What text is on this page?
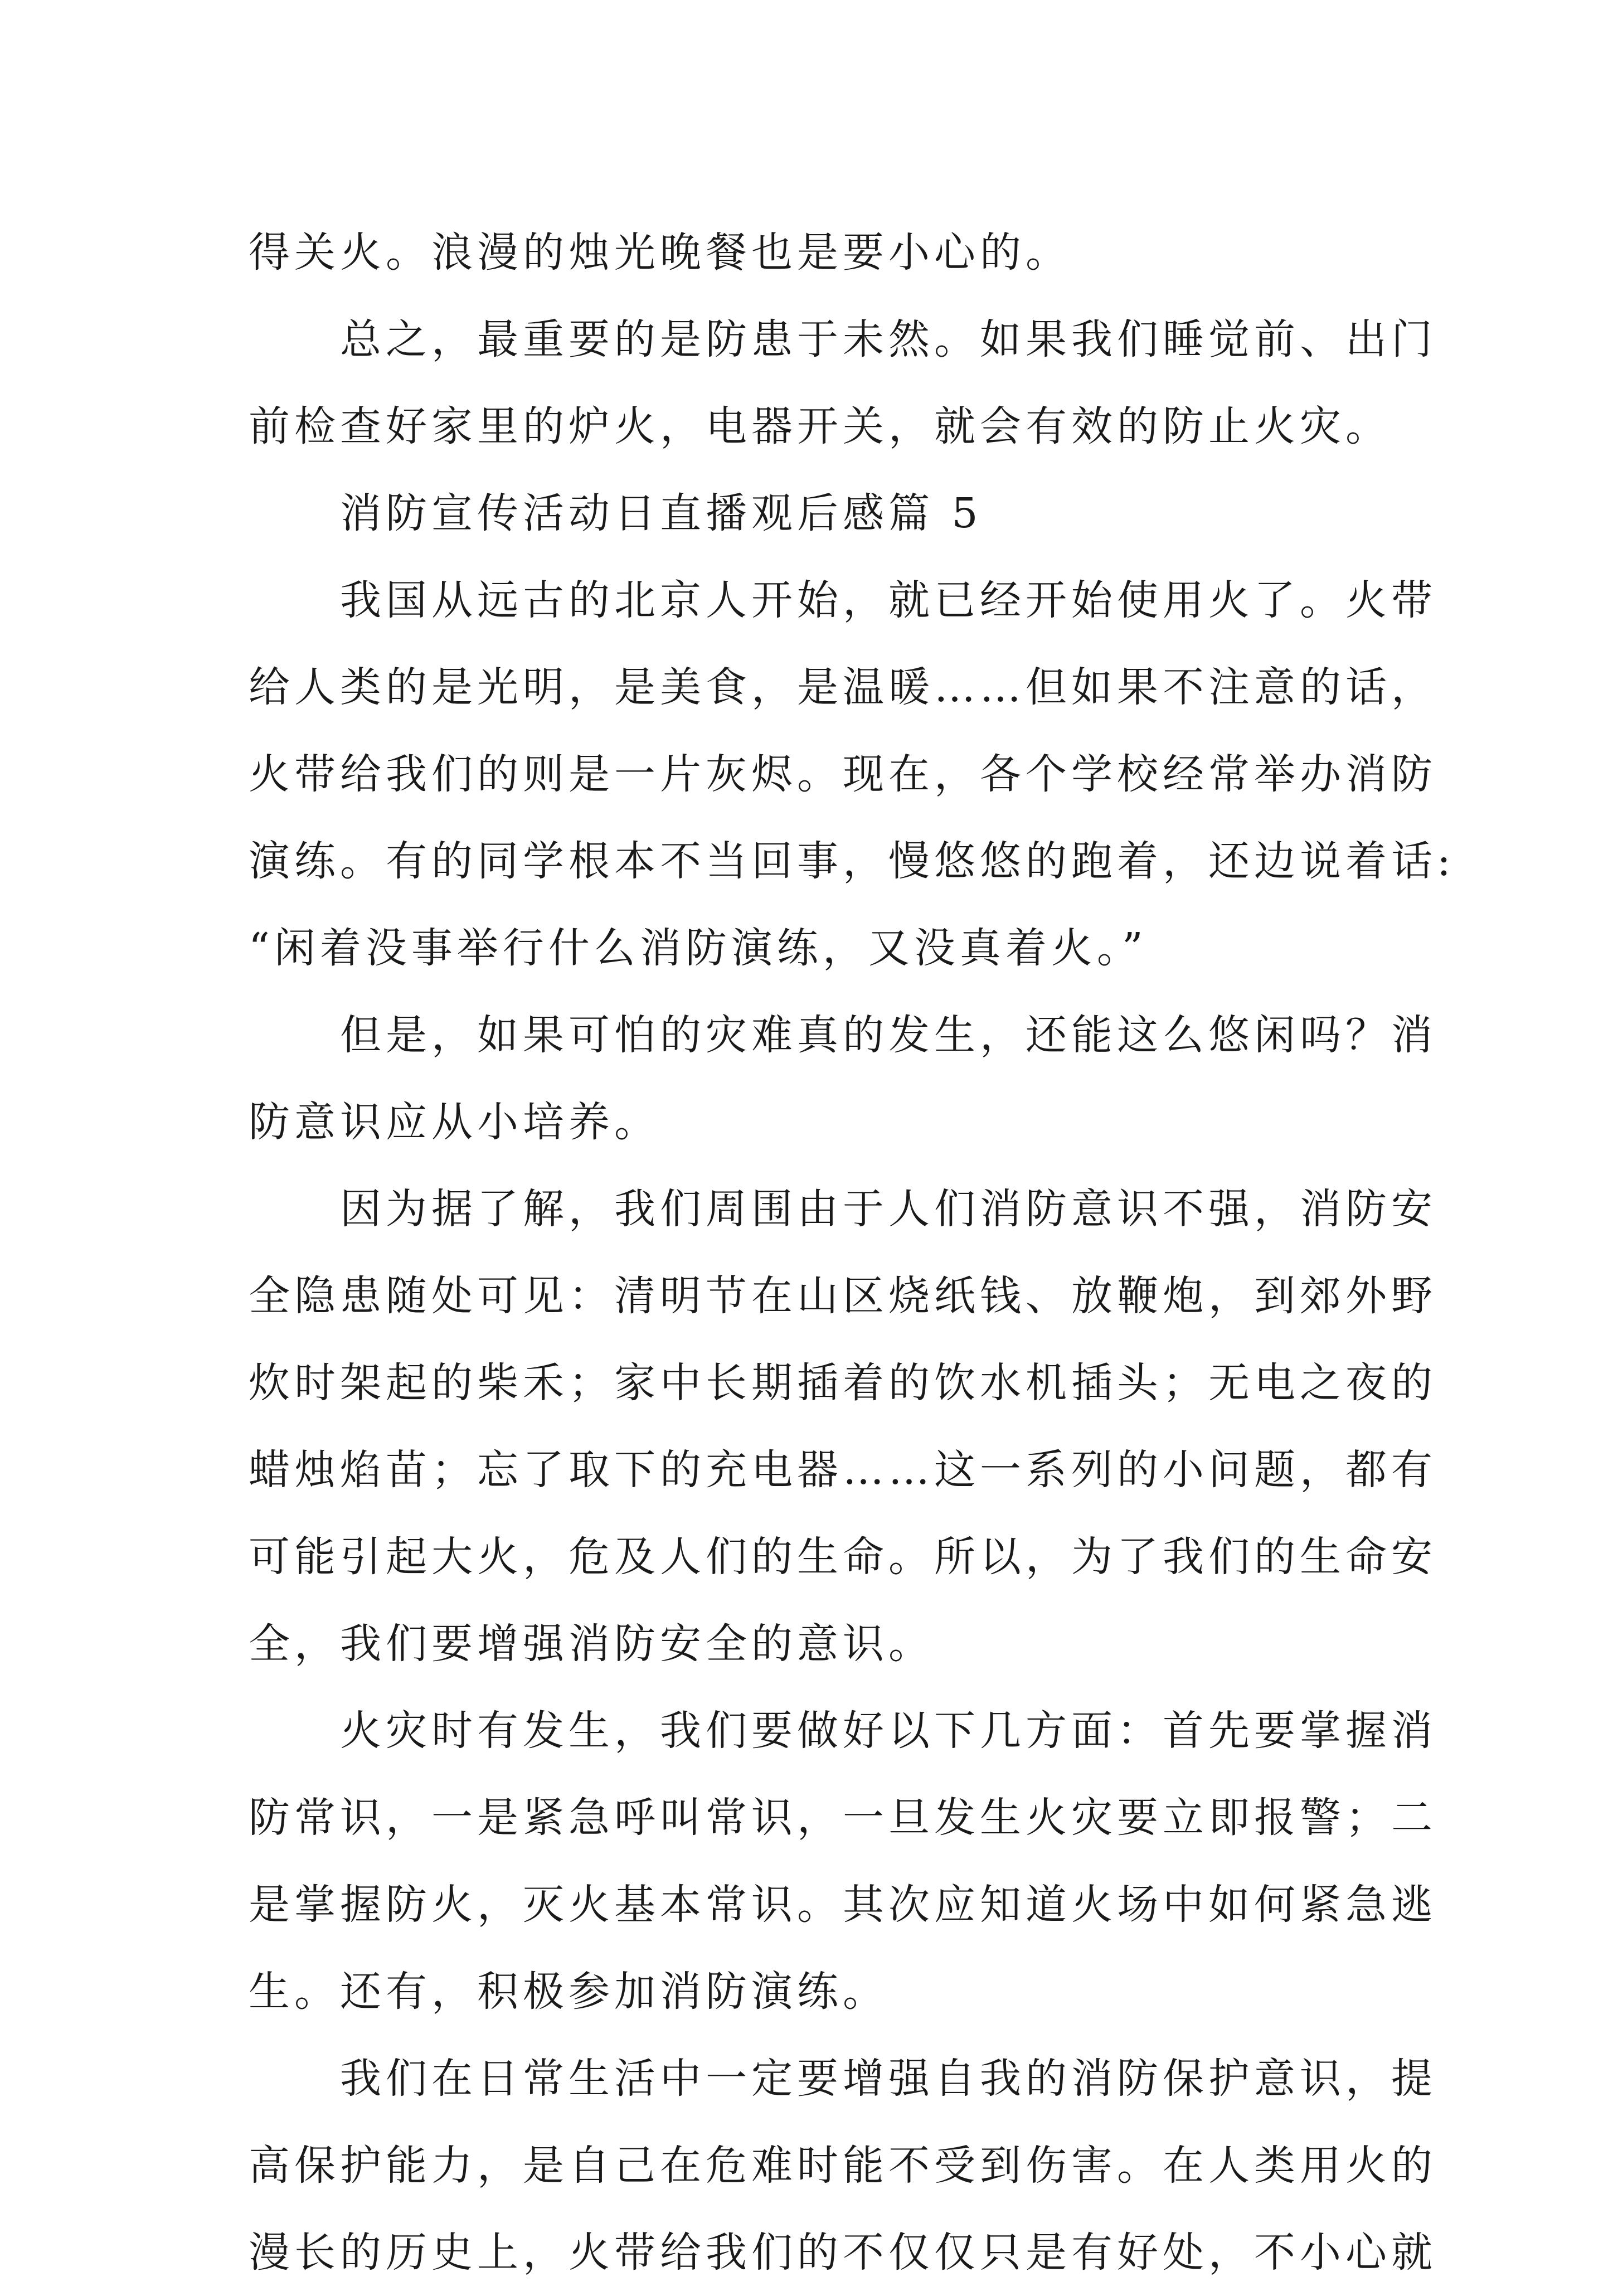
得关火。浪漫的烛光晚餐也是要小心的。
总之，最重要的是防患于未然。如果我们睡觉前、出门
前检查好家里的炉火，电器开关，就会有效的防止火灾。
消防宣传活动日直播观后感篇 5
我国从远古的北京人开始，就已经开始使用火了。火带
给人类的是光明，是美食，是温暖……但如果不注意的话，
火带给我们的则是一片灰烬。现在，各个学校经常举办消防
演练。有的同学根本不当回事，慢悠悠的跑着，还边说着话:
“闲着没事举行什么消防演练，又没真着火。”
但是，如果可怕的灾难真的发生，还能这么悠闲吗？消
防意识应从小培养。
因为据了解，我们周围由于人们消防意识不强，消防安
全隐患随处可见：清明节在山区烧纸钱、放鞭炮，到郊外野
炊时架起的柴禾；家中长期插着的饮水机插头；无电之夜的
蜡烛焰苗；忘了取下的充电器……这一系列的小问题，都有
可能引起大火，危及人们的生命。所以，为了我们的生命安
全，我们要增强消防安全的意识。
火灾时有发生，我们要做好以下几方面：首先要掌握消
防常识，一是紧急呼叫常识，一旦发生火灾要立即报警；二
是掌握防火，灭火基本常识。其次应知道火场中如何紧急逃
生。还有，积极参加消防演练。
我们在日常生活中一定要增强自我的消防保护意识，提
高保护能力，是自己在危难时能不受到伤害。在人类用火的
漫长的历史上，火带给我们的不仅仅只是有好处，不小心就
